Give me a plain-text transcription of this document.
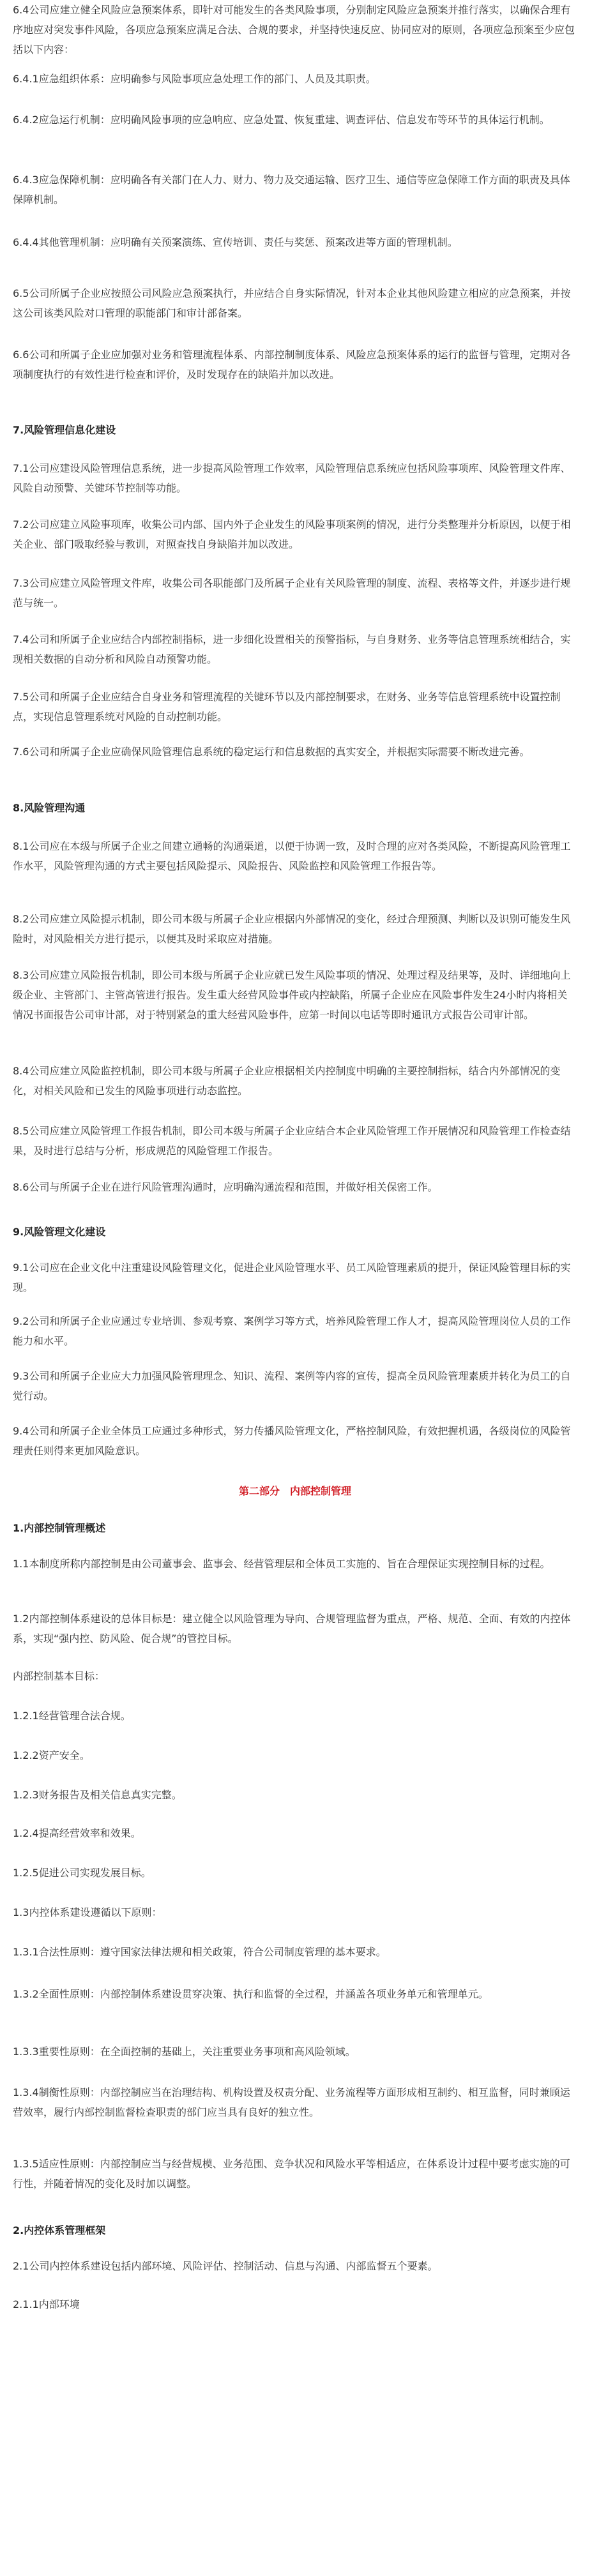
6.4公司应建立健全风险应急预案体系，即针对可能发生的各类风险事项，分别制定风险应急预案并推行落实，以确保合理有序地应对突发事件风险，各项应急预案应满足合法、合规的要求，并坚持快速反应、协同应对的原则，各项应急预案至少应包括以下内容：

6.4.1应急组织体系：应明确参与风险事项应急处理工作的部门、人员及其职责。

6.4.2应急运行机制：应明确风险事项的应急响应、应急处置、恢复重建、调查评估、信息发布等环节的具体运行机制。

6.4.3应急保障机制：应明确各有关部门在人力、财力、物力及交通运输、医疗卫生、通信等应急保障工作方面的职责及具体保障机制。

6.4.4其他管理机制：应明确有关预案演练、宣传培训、责任与奖惩、预案改进等方面的管理机制。

6.5公司所属子企业应按照公司风险应急预案执行，并应结合自身实际情况，针对本企业其他风险建立相应的应急预案，并按这公司该类风险对口管理的职能部门和审计部备案。

6.6公司和所属子企业应加强对业务和管理流程体系、内部控制制度体系、风险应急预案体系的运行的监督与管理，定期对各项制度执行的有效性进行检查和评价，及时发现存在的缺陷并加以改进。

7.风险管理信息化建设

7.1公司应建设风险管理信息系统，进一步提高风险管理工作效率，风险管理信息系统应包括风险事项库、风险管理文件库、风险自动预警、关键环节控制等功能。

7.2公司应建立风险事项库，收集公司内部、国内外子企业发生的风险事项案例的情况，进行分类整理并分析原因，以便于相关企业、部门吸取经验与教训，对照查找自身缺陷并加以改进。

7.3公司应建立风险管理文件库，收集公司各职能部门及所属子企业有关风险管理的制度、流程、表格等文件，并逐步进行规范与统一。

7.4公司和所属子企业应结合内部控制指标，进一步细化设置相关的预警指标，与自身财务、业务等信息管理系统相结合，实现相关数据的自动分析和风险自动预警功能。

7.5公司和所属子企业应结合自身业务和管理流程的关键环节以及内部控制要求，在财务、业务等信息管理系统中设置控制点，实现信息管理系统对风险的自动控制功能。

7.6公司和所属子企业应确保风险管理信息系统的稳定运行和信息数据的真实安全，并根据实际需要不断改进完善。

8.风险管理沟通

8.1公司应在本级与所属子企业之间建立通畅的沟通渠道，以便于协调一致，及时合理的应对各类风险，不断提高风险管理工作水平，风险管理沟通的方式主要包括风险提示、风险报告、风险监控和风险管理工作报告等。

8.2公司应建立风险提示机制，即公司本级与所属子企业应根据内外部情况的变化，经过合理预测、判断以及识别可能发生风险时，对风险相关方进行提示，以便其及时采取应对措施。

8.3公司应建立风险报告机制，即公司本级与所属子企业应就已发生风险事项的情况、处理过程及结果等，及时、详细地向上级企业、主管部门、主管高管进行报告。发生重大经营风险事件或内控缺陷，所属子企业应在风险事件发生24小时内将相关情况书面报告公司审计部，对于特别紧急的重大经营风险事件，应第一时间以电话等即时通讯方式报告公司审计部。

8.4公司应建立风险监控机制，即公司本级与所属子企业应根据相关内控制度中明确的主要控制指标，结合内外部情况的变化，对相关风险和已发生的风险事项进行动态监控。

8.5公司应建立风险管理工作报告机制，即公司本级与所属子企业应结合本企业风险管理工作开展情况和风险管理工作检查结果，及时进行总结与分析，形成规范的风险管理工作报告。

8.6公司与所属子企业在进行风险管理沟通时，应明确沟通流程和范围，并做好相关保密工作。

9.风险管理文化建设

9.1公司应在企业文化中注重建设风险管理文化，促进企业风险管理水平、员工风险管理素质的提升，保证风险管理目标的实现。

9.2公司和所属子企业应通过专业培训、参观考察、案例学习等方式，培养风险管理工作人才，提高风险管理岗位人员的工作能力和水平。

9.3公司和所属子企业应大力加强风险管理理念、知识、流程、案例等内容的宣传，提高全员风险管理素质并转化为员工的自觉行动。

9.4公司和所属子企业全体员工应通过多种形式，努力传播风险管理文化，严格控制风险，有效把握机遇，各级岗位的风险管理责任则得来更加风险意识。

第二部分　内部控制管理

1.内部控制管理概述

1.1本制度所称内部控制是由公司董事会、监事会、经营管理层和全体员工实施的、旨在合理保证实现控制目标的过程。

1.2内部控制体系建设的总体目标是：建立健全以风险管理为导向、合规管理监督为重点，严格、规范、全面、有效的内控体系，实现“强内控、防风险、促合规”的管控目标。

内部控制基本目标：

1.2.1经营管理合法合规。

1.2.2资产安全。

1.2.3财务报告及相关信息真实完整。

1.2.4提高经营效率和效果。

1.2.5促进公司实现发展目标。

1.3内控体系建设遵循以下原则：

1.3.1合法性原则：遵守国家法律法规和相关政策，符合公司制度管理的基本要求。

1.3.2全面性原则：内部控制体系建设贯穿决策、执行和监督的全过程，并涵盖各项业务单元和管理单元。

1.3.3重要性原则：在全面控制的基础上，关注重要业务事项和高风险领域。

1.3.4制衡性原则：内部控制应当在治理结构、机构设置及权责分配、业务流程等方面形成相互制约、相互监督，同时兼顾运营效率，履行内部控制监督检查职责的部门应当具有良好的独立性。

1.3.5适应性原则：内部控制应当与经营规模、业务范围、竞争状况和风险水平等相适应，在体系设计过程中要考虑实施的可行性，并随着情况的变化及时加以调整。

2.内控体系管理框架

2.1公司内控体系建设包括内部环境、风险评估、控制活动、信息与沟通、内部监督五个要素。

2.1.1内部环境
